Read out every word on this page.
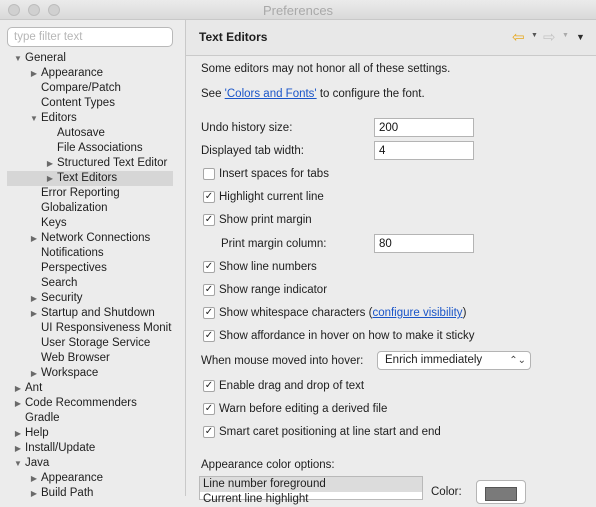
Preferences
type filter text
▼ General
▶ Appearance
Compare/Patch
Content Types
▼ Editors
Autosave
File Associations
▶ Structured Text Editor
▶ Text Editors
Error Reporting
Globalization
Keys
▶ Network Connections
Notifications
Perspectives
Search
▶ Security
▶ Startup and Shutdown
UI Responsiveness Monit
User Storage Service
Web Browser
▶ Workspace
▶ Ant
▶ Code Recommenders
Gradle
▶ Help
▶ Install/Update
▼ Java
▶ Appearance
▶ Build Path
Text Editors	⇦ ▼ ⇨ ▼ ▼
Some editors may not honor all of these settings.
See 'Colors and Fonts' to configure the font.
Undo history size:
200
Displayed tab width:
4
Insert spaces for tabs
✓ Highlight current line
✓ Show print margin
Print margin column:
80
✓ Show line numbers
✓ Show range indicator
✓ Show whitespace characters (configure visibility)
✓ Show affordance in hover on how to make it sticky
When mouse moved into hover: Enrich immediately	⌃⌄
✓ Enable drag and drop of text
✓ Warn before editing a derived file
✓ Smart caret positioning at line start and end
Appearance color options:
Line number foreground
Current line highlight
Color:
